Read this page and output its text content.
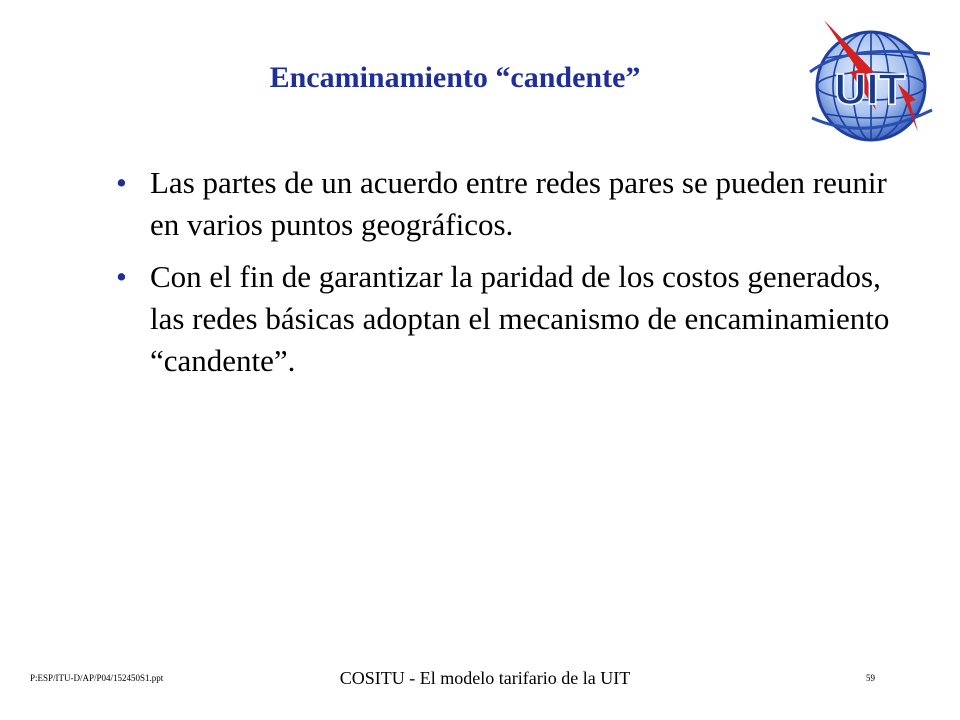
Encaminamiento “candente”	UIT
• Las partes de un acuerdo entre redes pares se pueden reunir en varios puntos geográficos.
• Con el fin de garantizar la paridad de los costos generados, las redes básicas adoptan el mecanismo de encaminamiento “candente”.
P:ESP/ITU-D/AP/P04/152450S1.ppt	COSITU - El modelo tarifario de la UIT	59
